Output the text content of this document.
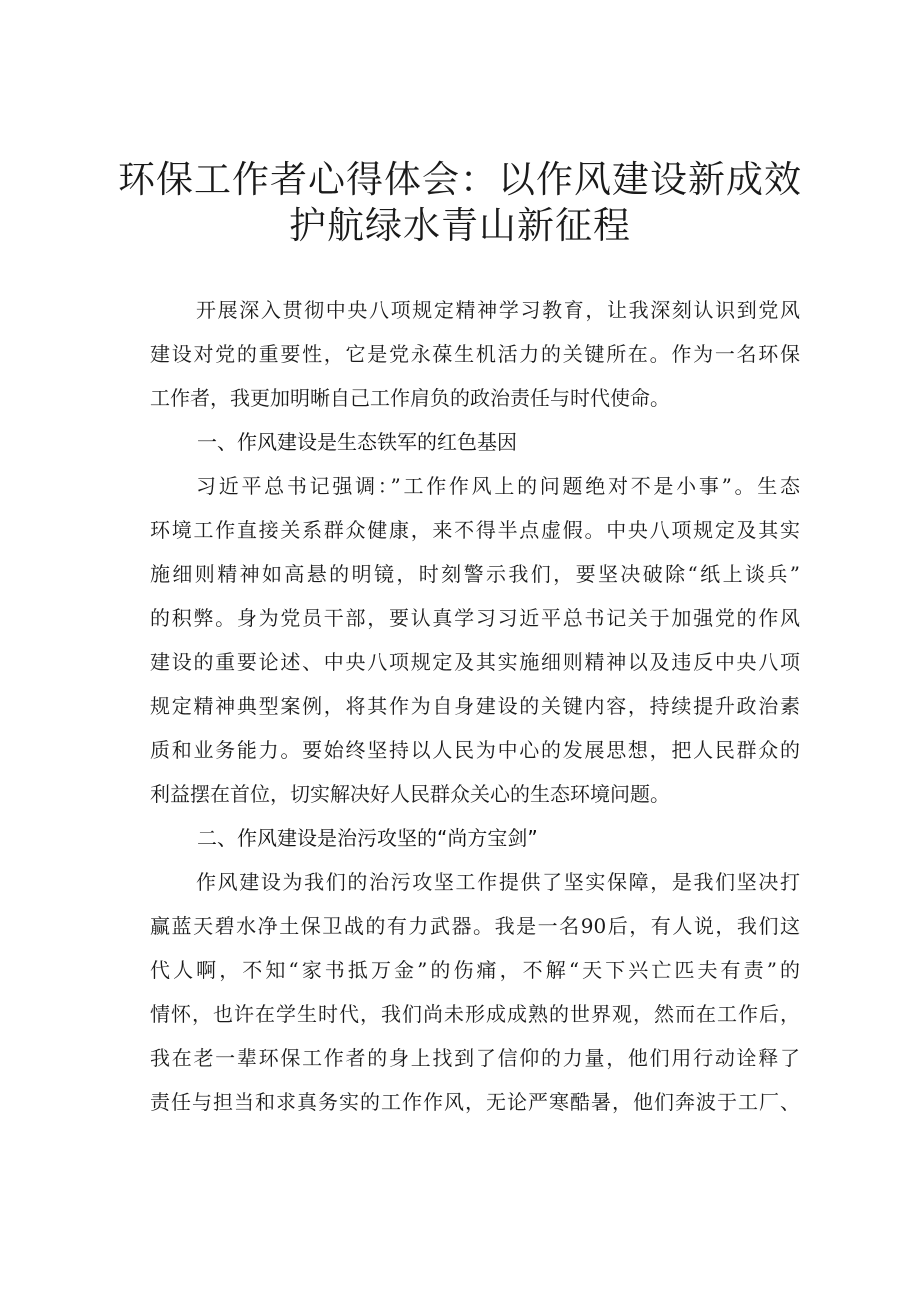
环保工作者心得体会：以作风建设新成效
护航绿水青山新征程
开展深入贯彻中央八项规定精神学习教育，让我深刻认识到党风
建设对党的重要性，它是党永葆生机活力的关键所在。作为一名环保
工作者，我更加明晰自己工作肩负的政治责任与时代使命。
一、作风建设是生态铁军的红色基因
习近平总书记强调：”工作作风上的问题绝对不是小事”。生态
环境工作直接关系群众健康，来不得半点虚假。中央八项规定及其实
施细则精神如高悬的明镜，时刻警示我们，要坚决破除“纸上谈兵”
的积弊。身为党员干部，要认真学习习近平总书记关于加强党的作风
建设的重要论述、中央八项规定及其实施细则精神以及违反中央八项
规定精神典型案例，将其作为自身建设的关键内容，持续提升政治素
质和业务能力。要始终坚持以人民为中心的发展思想，把人民群众的
利益摆在首位，切实解决好人民群众关心的生态环境问题。
二、作风建设是治污攻坚的“尚方宝剑”
作风建设为我们的治污攻坚工作提供了坚实保障，是我们坚决打
赢蓝天碧水净土保卫战的有力武器。我是一名90后，有人说，我们这
代人啊，不知“家书抵万金”的伤痛，不解“天下兴亡匹夫有责”的
情怀，也许在学生时代，我们尚未形成成熟的世界观，然而在工作后，
我在老一辈环保工作者的身上找到了信仰的力量，他们用行动诠释了
责任与担当和求真务实的工作作风，无论严寒酷暑，他们奔波于工厂、
